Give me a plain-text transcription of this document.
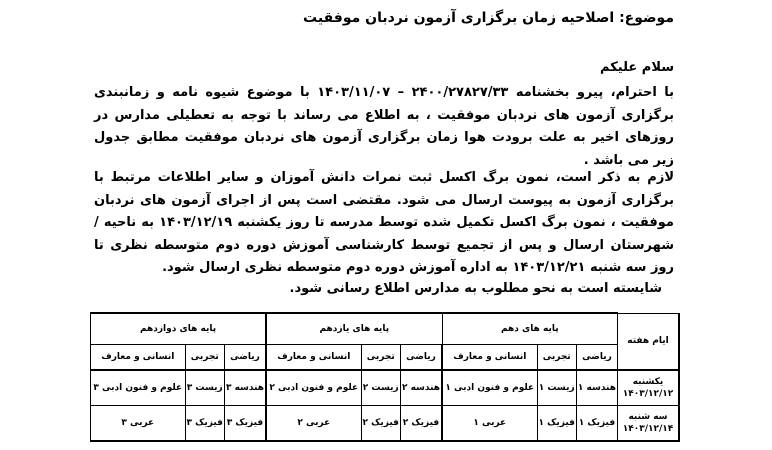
موضوع: اصلاحیه زمان برگزاری آزمون نردبان موفقیت
سلام علیکم
با احترام، پیرو بخشنامه ۲۴۰۰/۲۷۸۲۷/۳۳ – ۱۴۰۳/۱۱/۰۷ با موضوع شیوه نامه و زمانبندی برگزاری آزمون های نردبان موفقیت ، به اطلاع می رساند با توجه به تعطیلی مدارس در روزهای اخیر به علت برودت هوا زمان برگزاری آزمون های نردبان موفقیت مطابق جدول زیر می باشد .
لازم به ذکر است، نمون برگ اکسل ثبت نمرات دانش آموزان و سایر اطلاعات مرتبط با برگزاری آزمون به پیوست ارسال می شود. مقتضی است پس از اجرای آزمون های نردبان موفقیت ، نمون برگ اکسل تکمیل شده توسط مدرسه تا روز یکشنبه ۱۴۰۳/۱۲/۱۹ به ناحیه / شهرستان ارسال و پس از تجمیع توسط کارشناسی آموزش دوره دوم متوسطه نظری تا روز سه شنبه ۱۴۰۳/۱۲/۲۱ به اداره آموزش دوره دوم متوسطه نظری ارسال شود.
شایسته است به نحو مطلوب به مدارس اطلاع رسانی شود.
ایام هفته	پایه های دهم			پایه های یازدهم			پایه های دوازدهم		
	ریاضی	تجربی	انسانی و معارف	ریاضی	تجربی	انسانی و معارف	ریاضی	تجربی	انسانی و معارف

یکشنبه
۱۴۰۳/۱۲/۱۲	هندسه ۱	زیست ۱	علوم و فنون ادبی ۱	هندسه ۲	زیست ۲	علوم و فنون ادبی ۲	هندسه ۳	زیست ۳	علوم و فنون ادبی ۳

سه شنبه
۱۴۰۳/۱۲/۱۴	فیزیک ۱	فیزیک ۱	عربی ۱	فیزیک ۲	فیزیک ۲	عربی ۲	فیزیک ۳	فیزیک ۳	عربی ۳
